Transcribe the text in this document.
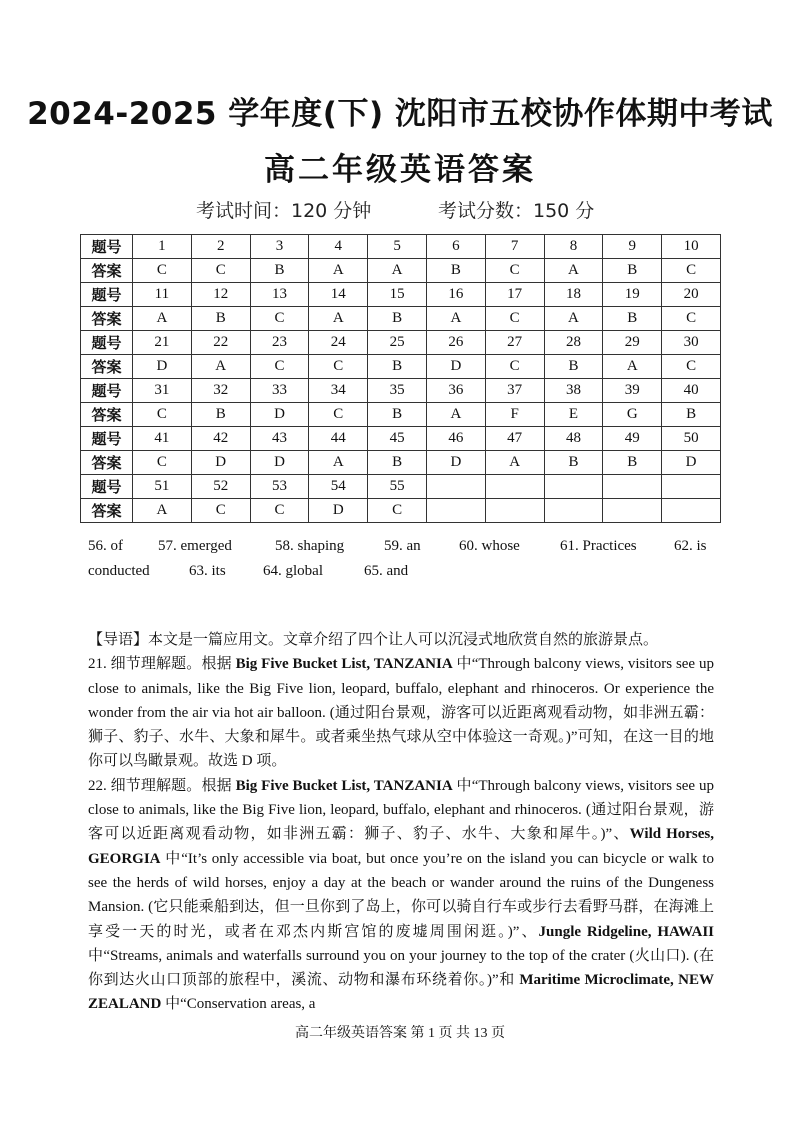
2024-2025 学年度(下) 沈阳市五校协作体期中考试
高二年级英语答案
考试时间：120 分钟	考试分数：150 分
题号	1	2	3	4	5	6	7	8	9	10
答案	C	C	B	A	A	B	C	A	B	C
题号	11	12	13	14	15	16	17	18	19	20
答案	A	B	C	A	B	A	C	A	B	C
题号	21	22	23	24	25	26	27	28	29	30
答案	D	A	C	C	B	D	C	B	A	C
题号	31	32	33	34	35	36	37	38	39	40
答案	C	B	D	C	B	A	F	E	G	B
题号	41	42	43	44	45	46	47	48	49	50
答案	C	D	D	A	B	D	A	B	B	D
题号	51	52	53	54	55					
答案	A	C	C	D	C					
56. of 57. emerged	58. shaping	59. an	60. whose	61. Practices 62. is
conducted	63. its 64. global	65. and

【导语】本文是一篇应用文。文章介绍了四个让人可以沉浸式地欣赏自然的旅游景点。

21. 细节理解题。根据 Big Five Bucket List, TANZANIA 中“Through balcony views, visitors see up close to animals, like the Big Five lion, leopard, buffalo, elephant and rhinoceros. Or experience the wonder from the air via hot air balloon. (通过阳台景观，游客可以近距离观看动物，如非洲五霸：狮子、豹子、水牛、大象和犀牛。或者乘坐热气球从空中体验这一奇观。)”可知，在这一目的地你可以鸟瞰景观。故选 D 项。

22. 细节理解题。根据 Big Five Bucket List, TANZANIA 中“Through balcony views, visitors see up close to animals, like the Big Five lion, leopard, buffalo, elephant and rhinoceros. (通过阳台景观，游客可以近距离观看动物，如非洲五霸：狮子、豹子、水牛、大象和犀牛。)”、Wild Horses, GEORGIA 中“It’s only accessible via boat, but once you’re on the island you can bicycle or walk to see the herds of wild horses, enjoy a day at the beach or wander around the ruins of the Dungeness Mansion. (它只能乘船到达，但一旦你到了岛上，你可以骑自行车或步行去看野马群，在海滩上享受一天的时光，或者在邓杰内斯宫馆的废墟周围闲逛。)”、Jungle Ridgeline, HAWAII 中“Streams, animals and waterfalls surround you on your journey to the top of the crater (火山口). (在你到达火山口顶部的旅程中，溪流、动物和瀑布环绕着你。)”和 Maritime Microclimate, NEW ZEALAND 中“Conservation areas, a

高二年级英语答案 第 1 页 共 13 页
